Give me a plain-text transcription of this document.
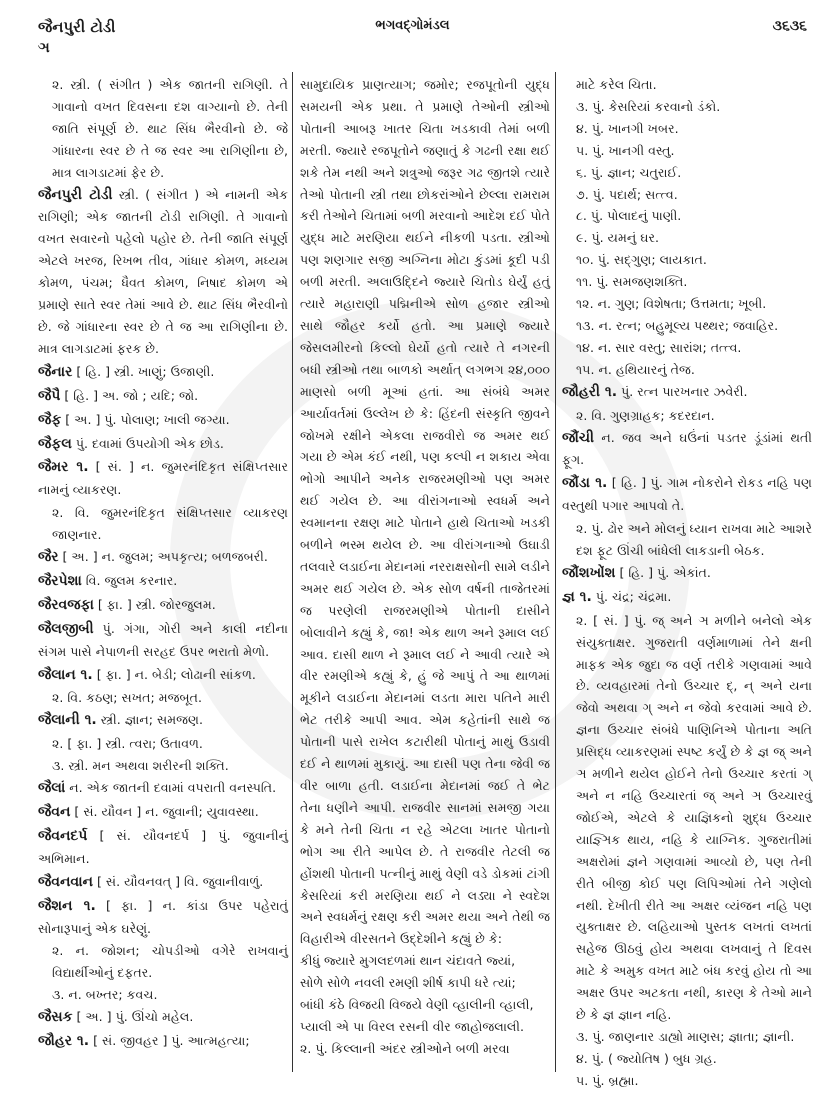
જૈનપુરી ટોડી	ભગવદ્ગોમંડલ	૩૬૩૬
ઞ

૨. સ્ત્રી. ( સંગીત ) એક જાતની રાગિણી. તે ગાવાનો વખત દિવસના દશ વાગ્યાનો છે. તેની જાતિ સંપૂર્ણ છે. થાટ સિંધ ભૈરવીનો છે. જે ગાંધારના સ્વર છે તે જ સ્વર આ રાગિણીના છે, માત્ર લાગડાટમાં ફેર છે.

જૈનપુરી ટોડી સ્ત્રી. ( સંગીત ) એ નામની એક રાગિણી; એક જાતની ટોડી રાગિણી. તે ગાવાનો વખત સવારનો પહેલો પહોર છે. તેની જાતિ સંપૂર્ણ એટલે ખરજ, રિખભ તીવ, ગાંધાર કોમળ, મધ્યમ કોમળ, પંચમ; ધૈવત કોમળ, નિષાદ કોમળ એ પ્રમાણે સાતે સ્વર તેમાં આવે છે. થાટ સિંધ ભૈરવીનો છે. જે ગાંધારના સ્વર છે તે જ આ રાગિણીના છે. માત્ર લાગડાટમાં ફરક છે.

જૈનાર [ હિ. ] સ્ત્રી. ખાણું; ઉજાણી.

જૈપૈ [ હિ. ] અ. જો ; યદિ; જો.

જૈફ [ અ. ] પું. પોલાણ; ખાલી જગ્યા.

જૈફલ પું. દવામાં ઉપયોગી એક છોડ.

જૈમર ૧. [ સં. ] ન. જુમરનંદિકૃત સંક્ષિપ્તસાર નામનું વ્યાકરણ.

૨. વિ. જુમરનંદિકૃત સંક્ષિપ્તસાર વ્યાકરણ જાણનાર.

જૈર [ અ. ] ન. જુલમ; અપકૃત્ય; બળજબરી.

જૈરપેશા વિ. જુલમ કરનાર.

જૈરવજફા [ ફા. ] સ્ત્રી. જોરજુલમ.

જૈલજીબી પું. ગંગા, ગોરી અને કાલી નદીના સંગમ પાસે નેપાળની સરહદ ઉપર ભરાતો મેળો.

જૈલાન ૧. [ ફા. ] ન. બેડી; લોઢાની સાંકળ.

૨. વિ. કઠણ; સખત; મજબૂત.

જૈલાની ૧. સ્ત્રી. જ્ઞાન; સમજણ.

૨. [ ફા. ] સ્ત્રી. ત્વરા; ઉતાવળ.

૩. સ્ત્રી. મન અથવા શરીરની શક્તિ.

જૈલાં ન. એક જાતની દવામાં વપરાતી વનસ્પતિ.

જૈવન [ સં. યૌવન ] ન. જુવાની; યુવાવસ્થા.

જૈવનદર્પ [ સં. યૌવનદર્પ ] પું. જુવાનીનું અભિમાન.

જૈવનવાન [ સં. યૌવનવત્ ] વિ. જુવાનીવાળું.

જૈશન ૧. [ ફા. ] ન. કાંડા ઉપર પહેરાતું સોનારૂપાનું એક ઘરેણું.

૨. ન. જોશન; ચોપડીઓ વગેરે રાખવાનું વિદ્યાર્થીઓનું દફતર.

૩. ન. બખ્તર; કવચ.

જૈસક [ અ. ] પું. ઊંચો મહેલ.

જૌહર ૧. [ સં. જીવહર ] પું. આત્મહત્યા;

સામુદાયિક પ્રાણત્યાગ; જમોર; રજપૂતોની યુદ્ધ સમયની એક પ્રથા. તે પ્રમાણે તેઓની સ્ત્રીઓ પોતાની આબરૂ ખાતર ચિતા ખડકાવી તેમાં બળી મરતી. જ્યારે રજપૂતોને જણાતું કે ગઢની રક્ષા થઈ શકે તેમ નથી અને શત્રુઓ જરૂર ગઢ જીતશે ત્યારે તેઓ પોતાની સ્ત્રી તથા છોકરાંઓને છેલ્લા રામરામ કરી તેઓને ચિતામાં બળી મરવાનો આદેશ દઈ પોતે યુદ્ધ માટે મરણિયા થઈને નીકળી પડતા. સ્ત્રીઓ પણ શણગાર સજી અગ્નિના મોટા કુંડમાં કૂદી પડી બળી મરતી. અલાઉદ્દિને જ્યારે ચિતોડ ઘેર્યું હતું ત્યારે મહારાણી પદ્મિનીએ સોળ હજાર સ્ત્રીઓ સાથે જૌહર કર્યો હતો. આ પ્રમાણે જ્યારે જેસલમીરનો કિલ્લો ઘેર્યો હતો ત્યારે તે નગરની બધી સ્ત્રીઓ તથા બાળકો અર્થાત્ લગભગ ૨૪,૦૦૦ માણસો બળી મૂઆં હતાં. આ સંબંધે અમર આર્યાવર્તમાં ઉલ્લેખ છે કે: હિંદની સંસ્કૃતિ જીવને જોખમે રક્ષીને એકલા રાજવીરો જ અમર થઈ ગયા છે એમ કંઈ નથી, પણ કલ્પી ન શકાય એવા ભોગો આપીને અનેક રાજરમણીઓ પણ અમર થઈ ગયેલ છે. આ વીરાંગનાઓ સ્વધર્મ અને સ્વમાનના રક્ષણ માટે પોતાને હાથે ચિતાઓ ખડકી બળીને ભસ્મ થયેલ છે. આ વીરાંગનાઓ ઉઘાડી તલવારે લડાઈના મેદાનમાં નરરાક્ષસોની સામે લડીને અમર થઈ ગયેલ છે. એક સોળ વર્ષની તાજેતરમાં જ પરણેલી રાજરમણીએ પોતાની દાસીને બોલાવીને કહ્યું કે, જા! એક થાળ અને રૂમાલ લઈ આવ. દાસી થાળ ને રૂમાલ લઈ ને આવી ત્યારે એ વીર રમણીએ કહ્યું કે, હું જે આપું તે આ થાળમાં મૂકીને લડાઈના મેદાનમાં લડતા મારા પતિને મારી ભેટ તરીકે આપી આવ. એમ કહેતાંની સાથે જ પોતાની પાસે રાખેલ કટારીથી પોતાનું માથું ઉડાવી દઈ ને થાળમાં મુકાયું. આ દાસી પણ તેના જેવી જ વીર બાળા હતી. લડાઈના મેદાનમાં જઈ તે ભેટ તેના ધણીને આપી. રાજવીર સાનમાં સમજી ગયા કે મને તેની ચિતા ન રહે એટલા ખાતર પોતાનો ભોગ આ રીતે આપેલ છે. તે રાજવીર તેટલી જ હોંશથી પોતાની પત્નીનું માથું વેણી વડે ડોકમાં ટાંગી કેસરિયાં કરી મરણિયા થઈ ને લડ્યા ને સ્વદેશ અને સ્વધર્મનું રક્ષણ કરી અમર થયા અને તેથી જ વિહારીએ વીરસતને ઉદ્દેશીને કહ્યું છે કે:

કીધું જ્યારે મુગલદળમાં થાન ચંદાવતે જ્યાં,

સોળે સોળે નવલી રમણી શીર્ષ કાપી ધરે ત્યાં;

બાંધી કંઠે વિજયી વિજયે વેણી વ્હાલીની વ્હાલી,

પ્યાલી એ પા વિરલ રસની વીર જાહોજલાલી.

૨. પું. કિલ્લાની અંદર સ્ત્રીઓને બળી મરવા

માટે કરેલ ચિતા.

૩. પું. કેસરિયાં કરવાનો ડંકો.

૪. પું. ખાનગી ખબર.

૫. પું. ખાનગી વસ્તુ.

૬. પું. જ્ઞાન; ચતુરાઈ.

૭. પું. પદાર્થ; સત્ત્વ.

૮. પું. પોલાદનું પાણી.

૯. પું. યમનું ઘર.

૧૦. પું. સદ્ગુણ; લાયકાત.

૧૧. પું. સમજણશક્તિ.

૧૨. ન. ગુણ; વિશેષતા; ઉત્તમતા; ખૂબી.

૧૩. ન. રત્ન; બહુમૂલ્ય પથ્થર; જવાહિર.

૧૪. ન. સાર વસ્તુ; સારાંશ; તત્ત્વ.

૧૫. ન. હથિયારનું તેજ.

જૌહરી ૧. પું. રત્ન પારખનાર ઝવેરી.

૨. વિ. ગુણગ્રાહક; કદરદાન.

જૌંચી ન. જવ અને ઘઉંનાં પડતર ડૂંડાંમાં થતી ફૂગ.

જૌંડા ૧. [ હિ. ] પું. ગામ નોકરોને રોકડ નહિ પણ વસ્તુથી પગાર આપવો તે.

૨. પું. ઢોર અને મોલનું ધ્યાન રાખવા માટે આશરે દશ ફૂટ ઊંચી બાંધેલી લાકડાની બેઠક.

જૌંશખોંશ [ હિ. ] પું. એકાંત.

જ્ઞ ૧. પું. ચંદ્ર; ચંદ્રમા.

૨. [ સં. ] પું. જ્ અને ઞ મળીને બનેલો એક સંયુક્તાક્ષર. ગુજરાતી વર્ણમાળામાં તેને ક્ષની માફક એક જુદા જ વર્ણ તરીકે ગણવામાં આવે છે. વ્યવહારમાં તેનો ઉચ્ચાર દ્, ન્ અને યના જેવો અથવા ગ્ અને ન જેવો કરવામાં આવે છે. જ્ઞના ઉચ્ચાર સંબંધે પાણિનિએ પોતાના અતિ પ્રસિદ્ધ વ્યાકરણમાં સ્પષ્ટ કર્યું છે કે જ્ઞ જ્ અને ઞ મળીને થયેલ હોઈને તેનો ઉચ્ચાર કરતાં ગ્ અને ન નહિ ઉચ્ચારતાં જ્ અને ઞ ઉચ્ચારવું જોઈએ, એટલે કે યાજ્ઞિકનો શુદ્ધ ઉચ્ચાર યાજ્ઞ્ઞિક થાય, નહિ કે યાગ્નિક. ગુજરાતીમાં અક્ષરોમાં જ્ઞને ગણવામાં આવ્યો છે, પણ તેની રીતે બીજી કોઈ પણ લિપિઓમાં તેને ગણેલો નથી. દેખીતી રીતે આ અક્ષર વ્યંજન નહિ પણ યુક્તાક્ષર છે. લહિયાઓ પુસ્તક લખતાં લખતાં સહેજ ઊઠવું હોય અથવા લખવાનું તે દિવસ માટે કે અમુક વખત માટે બંધ કરવું હોય તો આ અક્ષર ઉપર અટકતા નથી, કારણ કે તેઓ માને છે કે જ્ઞ જ્ઞાન નહિ.

૩. પું. જાણનાર ડાહ્યો માણસ; જ્ઞાતા; જ્ઞાની.

૪. પું. ( જ્યોતિષ ) બુધ ગ્રહ.

૫. પું. બ્રહ્મા.
